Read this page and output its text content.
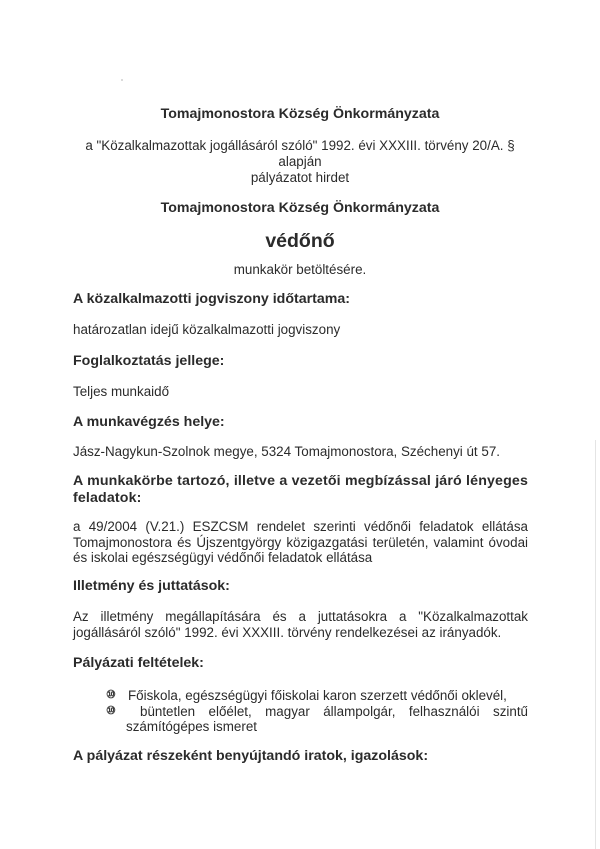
Tomajmonostora Község Önkormányzata
a "Közalkalmazottak jogállásáról szóló" 1992. évi XXXIII. törvény 20/A. §
alapján
pályázatot hirdet
Tomajmonostora Község Önkormányzata
védőnő
munkakör betöltésére.
A közalkalmazotti jogviszony időtartama:
határozatlan idejű közalkalmazotti jogviszony
Foglalkoztatás jellege:
Teljes munkaidő
A munkavégzés helye:
Jász-Nagykun-Szolnok megye, 5324 Tomajmonostora, Széchenyi út 57.
A munkakörbe tartozó, illetve a vezetői megbízással járó lényeges
feladatok:
a 49/2004 (V.21.) ESZCSM rendelet szerinti védőnői feladatok ellátása
Tomajmonostora és Újszentgyörgy közigazgatási területén, valamint óvodai
és iskolai egészségügyi védőnői feladatok ellátása
Illetmény és juttatások:
Az illetmény megállapítására és a juttatásokra a "Közalkalmazottak
jogállásáról szóló" 1992. évi XXXIII. törvény rendelkezései az irányadók.
Pályázati feltételek:
⑩ Főiskola, egészségügyi főiskolai karon szerzett védőnői oklevél,
⑩	büntetlen előélet, magyar állampolgár, felhasználói szintű
számítógépes ismeret
A pályázat részeként benyújtandó iratok, igazolások:
